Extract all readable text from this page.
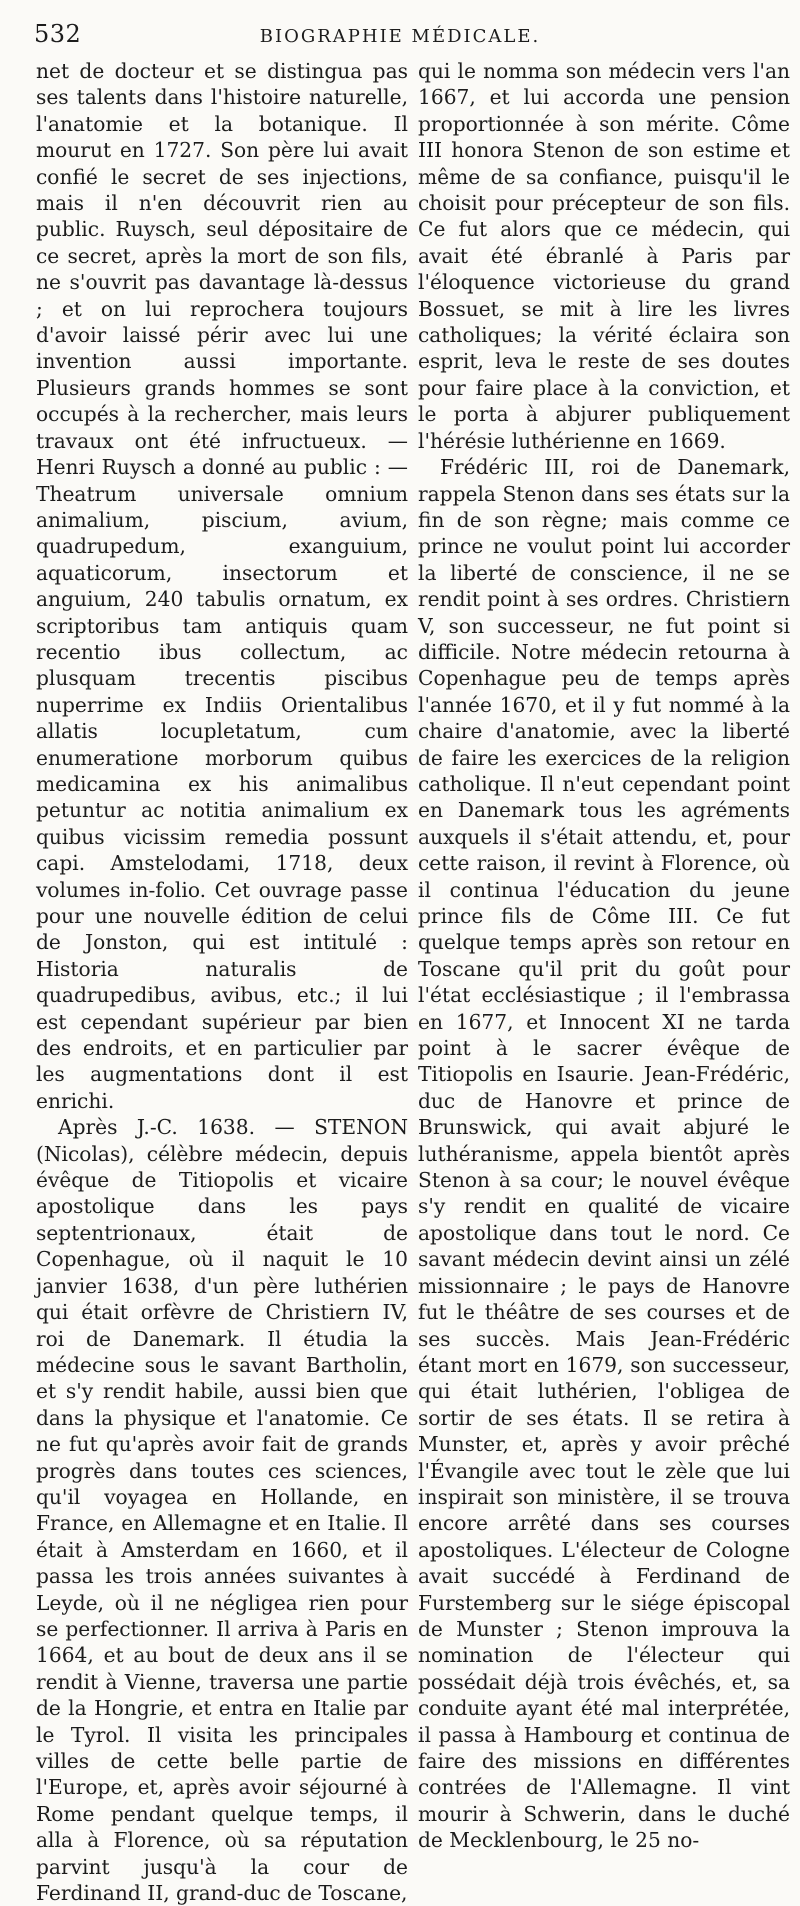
532	BIOGRAPHIE MÉDICALE.

net de docteur et se distingua pas ses talents dans l'histoire naturelle, l'anatomie et la botanique. Il mourut en 1727. Son père lui avait confié le secret de ses injections, mais il n'en découvrit rien au public. Ruysch, seul dépositaire de ce secret, après la mort de son fils, ne s'ouvrit pas davantage là-dessus ; et on lui reprochera toujours d'avoir laissé périr avec lui une invention aussi importante. Plusieurs grands hommes se sont occupés à la rechercher, mais leurs travaux ont été infructueux. — Henri Ruysch a donné au public : — Theatrum universale omnium animalium, piscium, avium, quadrupedum, exanguium, aquaticorum, insectorum et anguium, 240 tabulis ornatum, ex scriptoribus tam antiquis quam recentio ibus collectum, ac plusquam trecentis piscibus nuperrime ex Indiis Orientalibus allatis locupletatum, cum enumeratione morborum quibus medicamina ex his animalibus petuntur ac notitia animalium ex quibus vicissim remedia possunt capi. Amstelodami, 1718, deux volumes in-folio. Cet ouvrage passe pour une nouvelle édition de celui de Jonston, qui est intitulé : Historia naturalis de quadrupedibus, avibus, etc.; il lui est cependant supérieur par bien des endroits, et en particulier par les augmentations dont il est enrichi.

Après J.-C. 1638. — STENON (Nicolas), célèbre médecin, depuis évêque de Titiopolis et vicaire apostolique dans les pays septentrionaux, était de Copenhague, où il naquit le 10 janvier 1638, d'un père luthérien qui était orfèvre de Christiern IV, roi de Danemark. Il étudia la médecine sous le savant Bartholin, et s'y rendit habile, aussi bien que dans la physique et l'anatomie. Ce ne fut qu'après avoir fait de grands progrès dans toutes ces sciences, qu'il voyagea en Hollande, en France, en Allemagne et en Italie. Il était à Amsterdam en 1660, et il passa les trois années suivantes à Leyde, où il ne négligea rien pour se perfectionner. Il arriva à Paris en 1664, et au bout de deux ans il se rendit à Vienne, traversa une partie de la Hongrie, et entra en Italie par le Tyrol. Il visita les principales villes de cette belle partie de l'Europe, et, après avoir séjourné à Rome pendant quelque temps, il alla à Florence, où sa réputation parvint jusqu'à la cour de Ferdinand II, grand-duc de Toscane,

qui le nomma son médecin vers l'an 1667, et lui accorda une pension proportionnée à son mérite. Côme III honora Stenon de son estime et même de sa confiance, puisqu'il le choisit pour précepteur de son fils. Ce fut alors que ce médecin, qui avait été ébranlé à Paris par l'éloquence victorieuse du grand Bossuet, se mit à lire les livres catholiques; la vérité éclaira son esprit, leva le reste de ses doutes pour faire place à la conviction, et le porta à abjurer publiquement l'hérésie luthérienne en 1669.

Frédéric III, roi de Danemark, rappela Stenon dans ses états sur la fin de son règne; mais comme ce prince ne voulut point lui accorder la liberté de conscience, il ne se rendit point à ses ordres. Christiern V, son successeur, ne fut point si difficile. Notre médecin retourna à Copenhague peu de temps après l'année 1670, et il y fut nommé à la chaire d'anatomie, avec la liberté de faire les exercices de la religion catholique. Il n'eut cependant point en Danemark tous les agréments auxquels il s'était attendu, et, pour cette raison, il revint à Florence, où il continua l'éducation du jeune prince fils de Côme III. Ce fut quelque temps après son retour en Toscane qu'il prit du goût pour l'état ecclésiastique ; il l'embrassa en 1677, et Innocent XI ne tarda point à le sacrer évêque de Titiopolis en Isaurie. Jean-Frédéric, duc de Hanovre et prince de Brunswick, qui avait abjuré le luthéranisme, appela bientôt après Stenon à sa cour; le nouvel évêque s'y rendit en qualité de vicaire apostolique dans tout le nord. Ce savant médecin devint ainsi un zélé missionnaire ; le pays de Hanovre fut le théâtre de ses courses et de ses succès. Mais Jean-Frédéric étant mort en 1679, son successeur, qui était luthérien, l'obligea de sortir de ses états. Il se retira à Munster, et, après y avoir prêché l'Évangile avec tout le zèle que lui inspirait son ministère, il se trouva encore arrêté dans ses courses apostoliques. L'électeur de Cologne avait succédé à Ferdinand de Furstemberg sur le siége épiscopal de Munster ; Stenon improuva la nomination de l'électeur qui possédait déjà trois évêchés, et, sa conduite ayant été mal interprétée, il passa à Hambourg et continua de faire des missions en différentes contrées de l'Allemagne. Il vint mourir à Schwerin, dans le duché de Mecklenbourg, le 25 no-
